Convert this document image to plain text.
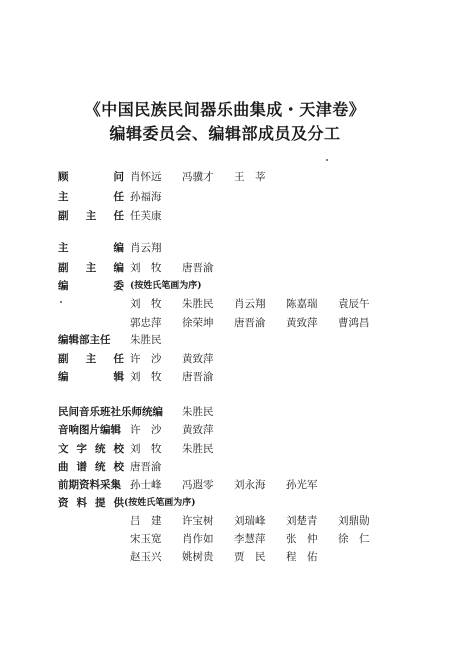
《中国民族民间器乐曲集成・天津卷》
编辑委员会、编辑部成员及分工
顾	问 肖怀远 冯骥才 王　莘
主	任 孙福海
副 主 任 任芙康
主	编 肖云翔
副 主 编 刘　牧 唐晋渝
编	委 (按姓氏笔画为序)
刘　牧 朱胜民 肖云翔 陈嘉瑞 袁辰午
郭忠萍 徐荣坤 唐晋渝 黄致萍 曹鸿昌
编辑部主任 朱胜民
副 主 任 许　沙 黄致萍
编	辑 刘　牧 唐晋渝
民间音乐班社乐师统编 朱胜民
音响图片编辑 许　沙 黄致萍
文 字 统 校 刘　牧 朱胜民
曲 谱 统 校 唐晋渝
前期资料采集 孙士峰 冯遐零 刘永海 孙光军
资 料 提 供 (按姓氏笔画为序)
吕　建 许宝树 刘瑞峰 刘楚青 刘鼎勋
宋玉宽 肖作如 李慧萍 张　仲 徐　仁
赵玉兴 姚树贵 贾　民 程　佑
